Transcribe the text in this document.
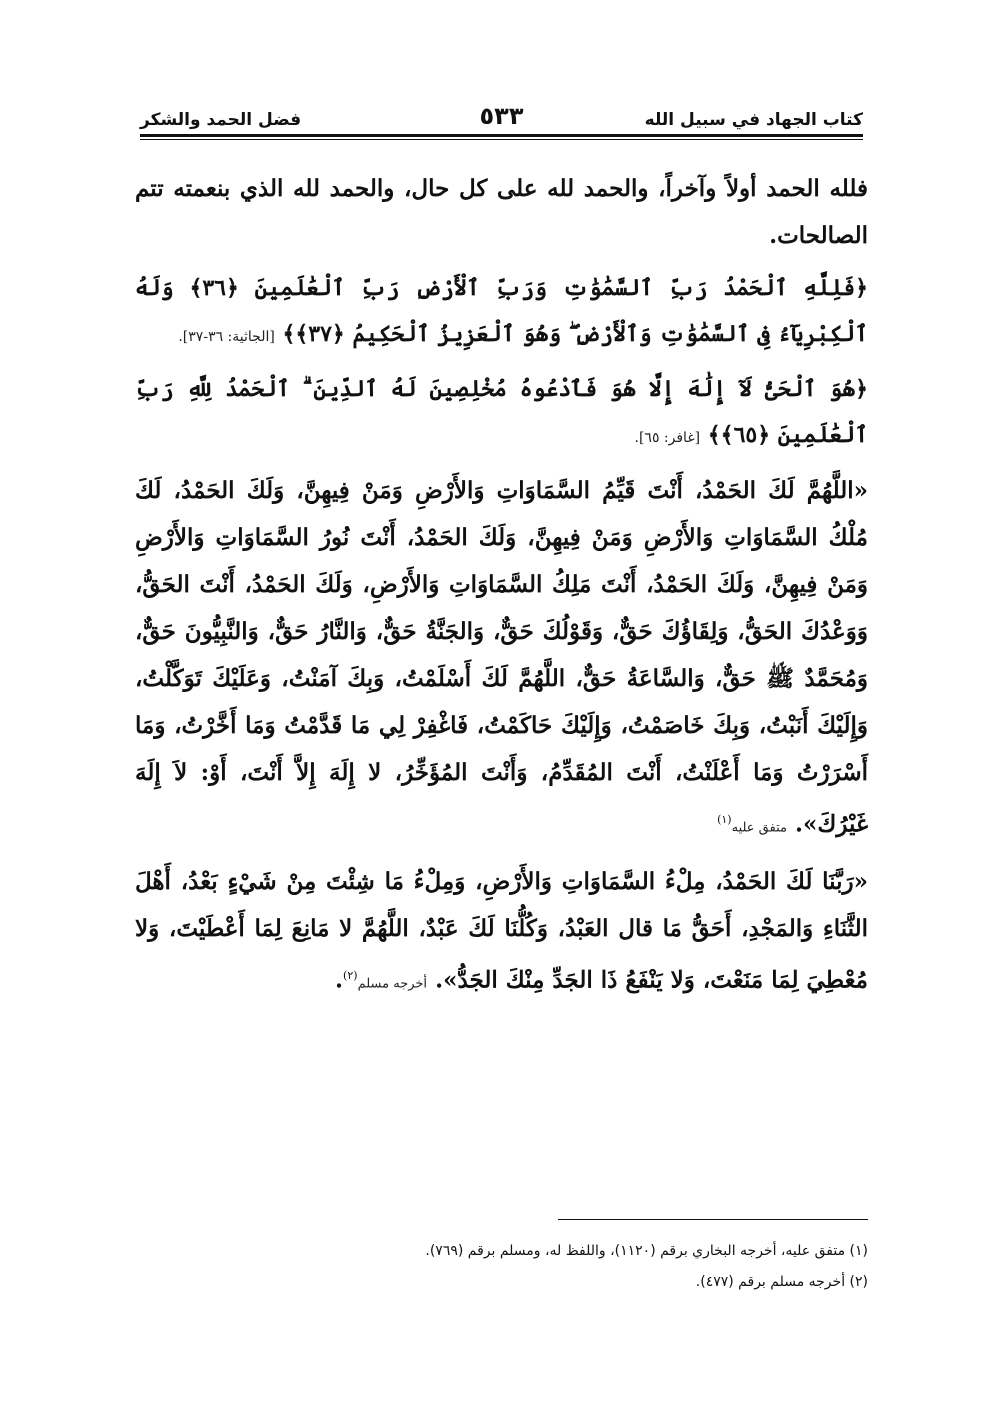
كتاب الجهاد في سبيل الله
٥٣٣
فضل الحمد والشكر

فلله الحمد أولاً وآخراً، والحمد لله على كل حال، والحمد لله الذي بنعمته تتم الصالحات.

﴿فَلِلَّهِ ٱلْحَمْدُ رَبِّ ٱلسَّمَٰوَٰتِ وَرَبِّ ٱلْأَرْضِ رَبِّ ٱلْعَٰلَمِينَ ﴿٣٦﴾ وَلَهُ ٱلْكِبْرِيَآءُ فِى ٱلسَّمَٰوَٰتِ وَٱلْأَرْضِ ۖ وَهُوَ ٱلْعَزِيزُ ٱلْحَكِيمُ ﴿٣٧﴾﴾ [الجاثية: ٣٦-٣٧].

﴿هُوَ ٱلْحَىُّ لَآ إِلَٰهَ إِلَّا هُوَ فَٱدْعُوهُ مُخْلِصِينَ لَهُ ٱلدِّينَ ۗ ٱلْحَمْدُ لِلَّهِ رَبِّ ٱلْعَٰلَمِينَ ﴿٦٥﴾﴾ [غافر: ٦٥].

«اللَّهُمَّ لَكَ الحَمْدُ، أَنْتَ قَيِّمُ السَّمَاوَاتِ وَالأَرْضِ وَمَنْ فِيهِنَّ، وَلَكَ الحَمْدُ، لَكَ مُلْكُ السَّمَاوَاتِ وَالأَرْضِ وَمَنْ فِيهِنَّ، وَلَكَ الحَمْدُ، أَنْتَ نُورُ السَّمَاوَاتِ وَالأَرْضِ وَمَنْ فِيهِنَّ، وَلَكَ الحَمْدُ، أَنْتَ مَلِكُ السَّمَاوَاتِ وَالأَرْضِ، وَلَكَ الحَمْدُ، أَنْتَ الحَقُّ، وَوَعْدُكَ الحَقُّ، وَلِقَاؤُكَ حَقٌّ، وَقَوْلُكَ حَقٌّ، وَالجَنَّةُ حَقٌّ، وَالنَّارُ حَقٌّ، وَالنَّبِيُّونَ حَقٌّ، وَمُحَمَّدٌ ﷺ حَقٌّ، وَالسَّاعَةُ حَقٌّ، اللَّهُمَّ لَكَ أَسْلَمْتُ، وَبِكَ آمَنْتُ، وَعَلَيْكَ تَوَكَّلْتُ، وَإِلَيْكَ أَنَبْتُ، وَبِكَ خَاصَمْتُ، وَإِلَيْكَ حَاكَمْتُ، فَاغْفِرْ لِي مَا قَدَّمْتُ وَمَا أَخَّرْتُ، وَمَا أَسْرَرْتُ وَمَا أَعْلَنْتُ، أَنْتَ المُقَدِّمُ، وَأَنْتَ المُؤَخِّرُ، لا إِلَهَ إِلاَّ أَنْتَ، أَوْ: لاَ إِلَهَ غَيْرُكَ». متفق عليه$^{(١)}$

«رَبَّنَا لَكَ الحَمْدُ، مِلْءُ السَّمَاوَاتِ وَالأَرْضِ، وَمِلْءُ مَا شِئْتَ مِنْ شَيْءٍ بَعْدُ، أَهْلَ الثَّنَاءِ وَالمَجْدِ، أَحَقُّ مَا قال العَبْدُ، وَكُلُّنَا لَكَ عَبْدٌ، اللَّهُمَّ لا مَانِعَ لِمَا أَعْطَيْتَ، وَلا مُعْطِيَ لِمَا مَنَعْتَ، وَلا يَنْفَعُ ذَا الجَدِّ مِنْكَ الجَدُّ». أخرجه مسلم$^{(٢)}$.

(١) متفق عليه، أخرجه البخاري برقم (١١٢٠)، واللفظ له، ومسلم برقم (٧٦٩).
(٢) أخرجه مسلم برقم (٤٧٧).
